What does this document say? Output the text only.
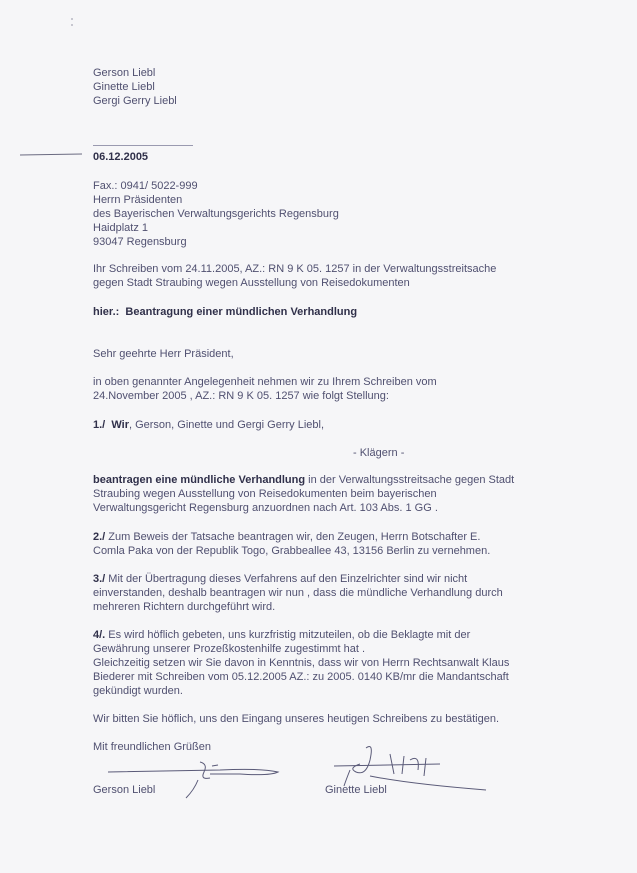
Gerson Liebl
Ginette Liebl
Gergi Gerry Liebl
06.12.2005
Fax.: 0941/ 5022-999
Herrn Präsidenten
des Bayerischen Verwaltungsgerichts Regensburg
Haidplatz 1
93047 Regensburg
Ihr Schreiben vom 24.11.2005, AZ.: RN 9 K 05. 1257 in der Verwaltungsstreitsache
gegen Stadt Straubing wegen Ausstellung von Reisedokumenten
hier.: Beantragung einer mündlichen Verhandlung
Sehr geehrte Herr Präsident,
in oben genannter Angelegenheit nehmen wir zu Ihrem Schreiben vom
24.November 2005 , AZ.: RN 9 K 05. 1257 wie folgt Stellung:
1./ Wir, Gerson, Ginette und Gergi Gerry Liebl,
- Klägern -
beantragen eine mündliche Verhandlung in der Verwaltungsstreitsache gegen Stadt
Straubing wegen Ausstellung von Reisedokumenten beim bayerischen
Verwaltungsgericht Regensburg anzuordnen nach Art. 103 Abs. 1 GG .
2./ Zum Beweis der Tatsache beantragen wir, den Zeugen, Herrn Botschafter E.
Comla Paka von der Republik Togo, Grabbeallee 43, 13156 Berlin zu vernehmen.
3./ Mit der Übertragung dieses Verfahrens auf den Einzelrichter sind wir nicht
einverstanden, deshalb beantragen wir nun , dass die mündliche Verhandlung durch
mehreren Richtern durchgeführt wird.
4/. Es wird höflich gebeten, uns kurzfristig mitzuteilen, ob die Beklagte mit der
Gewährung unserer Prozeßkostenhilfe zugestimmt hat .
Gleichzeitig setzen wir Sie davon in Kenntnis, dass wir von Herrn Rechtsanwalt Klaus
Biederer mit Schreiben vom 05.12.2005 AZ.: zu 2005. 0140 KB/mr die Mandantschaft
gekündigt wurden.
Wir bitten Sie höflich, uns den Eingang unseres heutigen Schreibens zu bestätigen.
Mit freundlichen Grüßen
Gerson Liebl	Ginette Liebl
